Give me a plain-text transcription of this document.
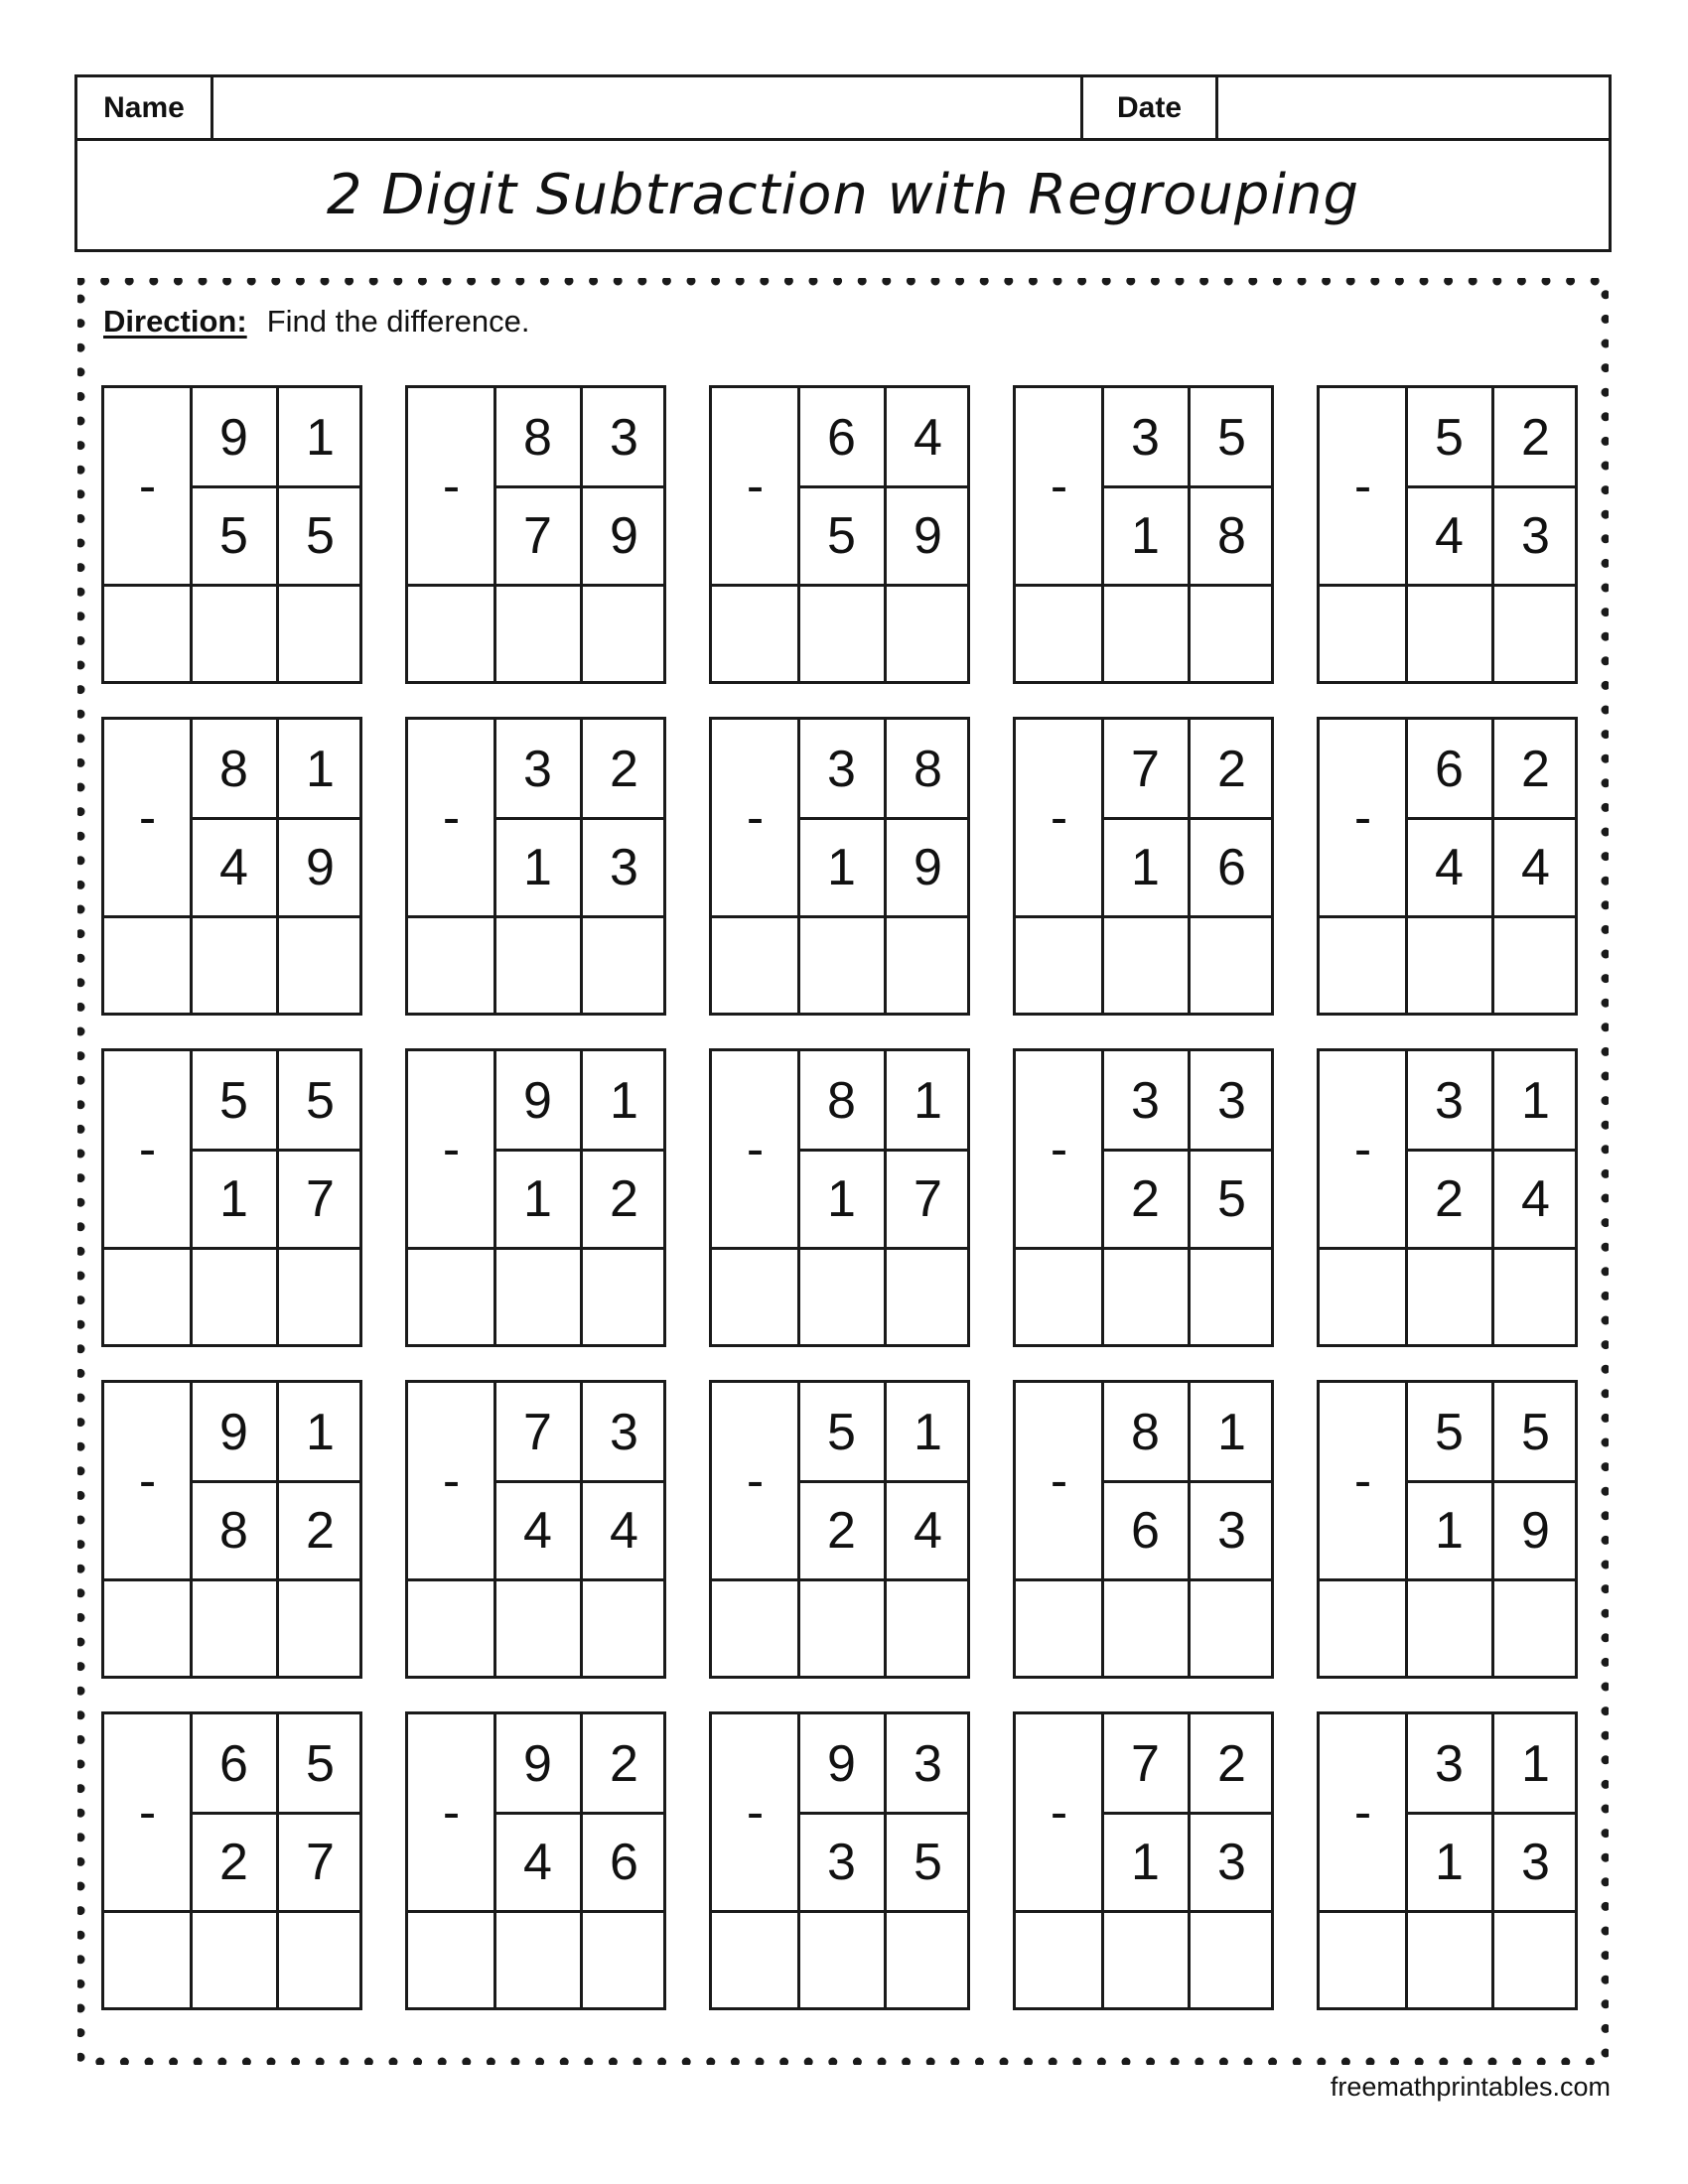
Name	Date
2 Digit Subtraction with Regrouping
Direction: Find the difference.
-
9	1
5	5
-
8	3
7	9
-
6	4
5	9
-
3	5
1	8
-
5	2
4	3
-
8	1
4	9
-
3	2
1	3
-
3	8
1	9
-
7	2
1	6
-
6	2
4	4
-
5	5
1	7
-
9	1
1	2
-
8	1
1	7
-
3	3
2	5
-
3	1
2	4
-
9	1
8	2
-
7	3
4	4
-
5	1
2	4
-
8	1
6	3
-
5	5
1	9
-
6	5
2	7
-
9	2
4	6
-
9	3
3	5
-
7	2
1	3
-
3	1
1	3
freemathprintables.com
